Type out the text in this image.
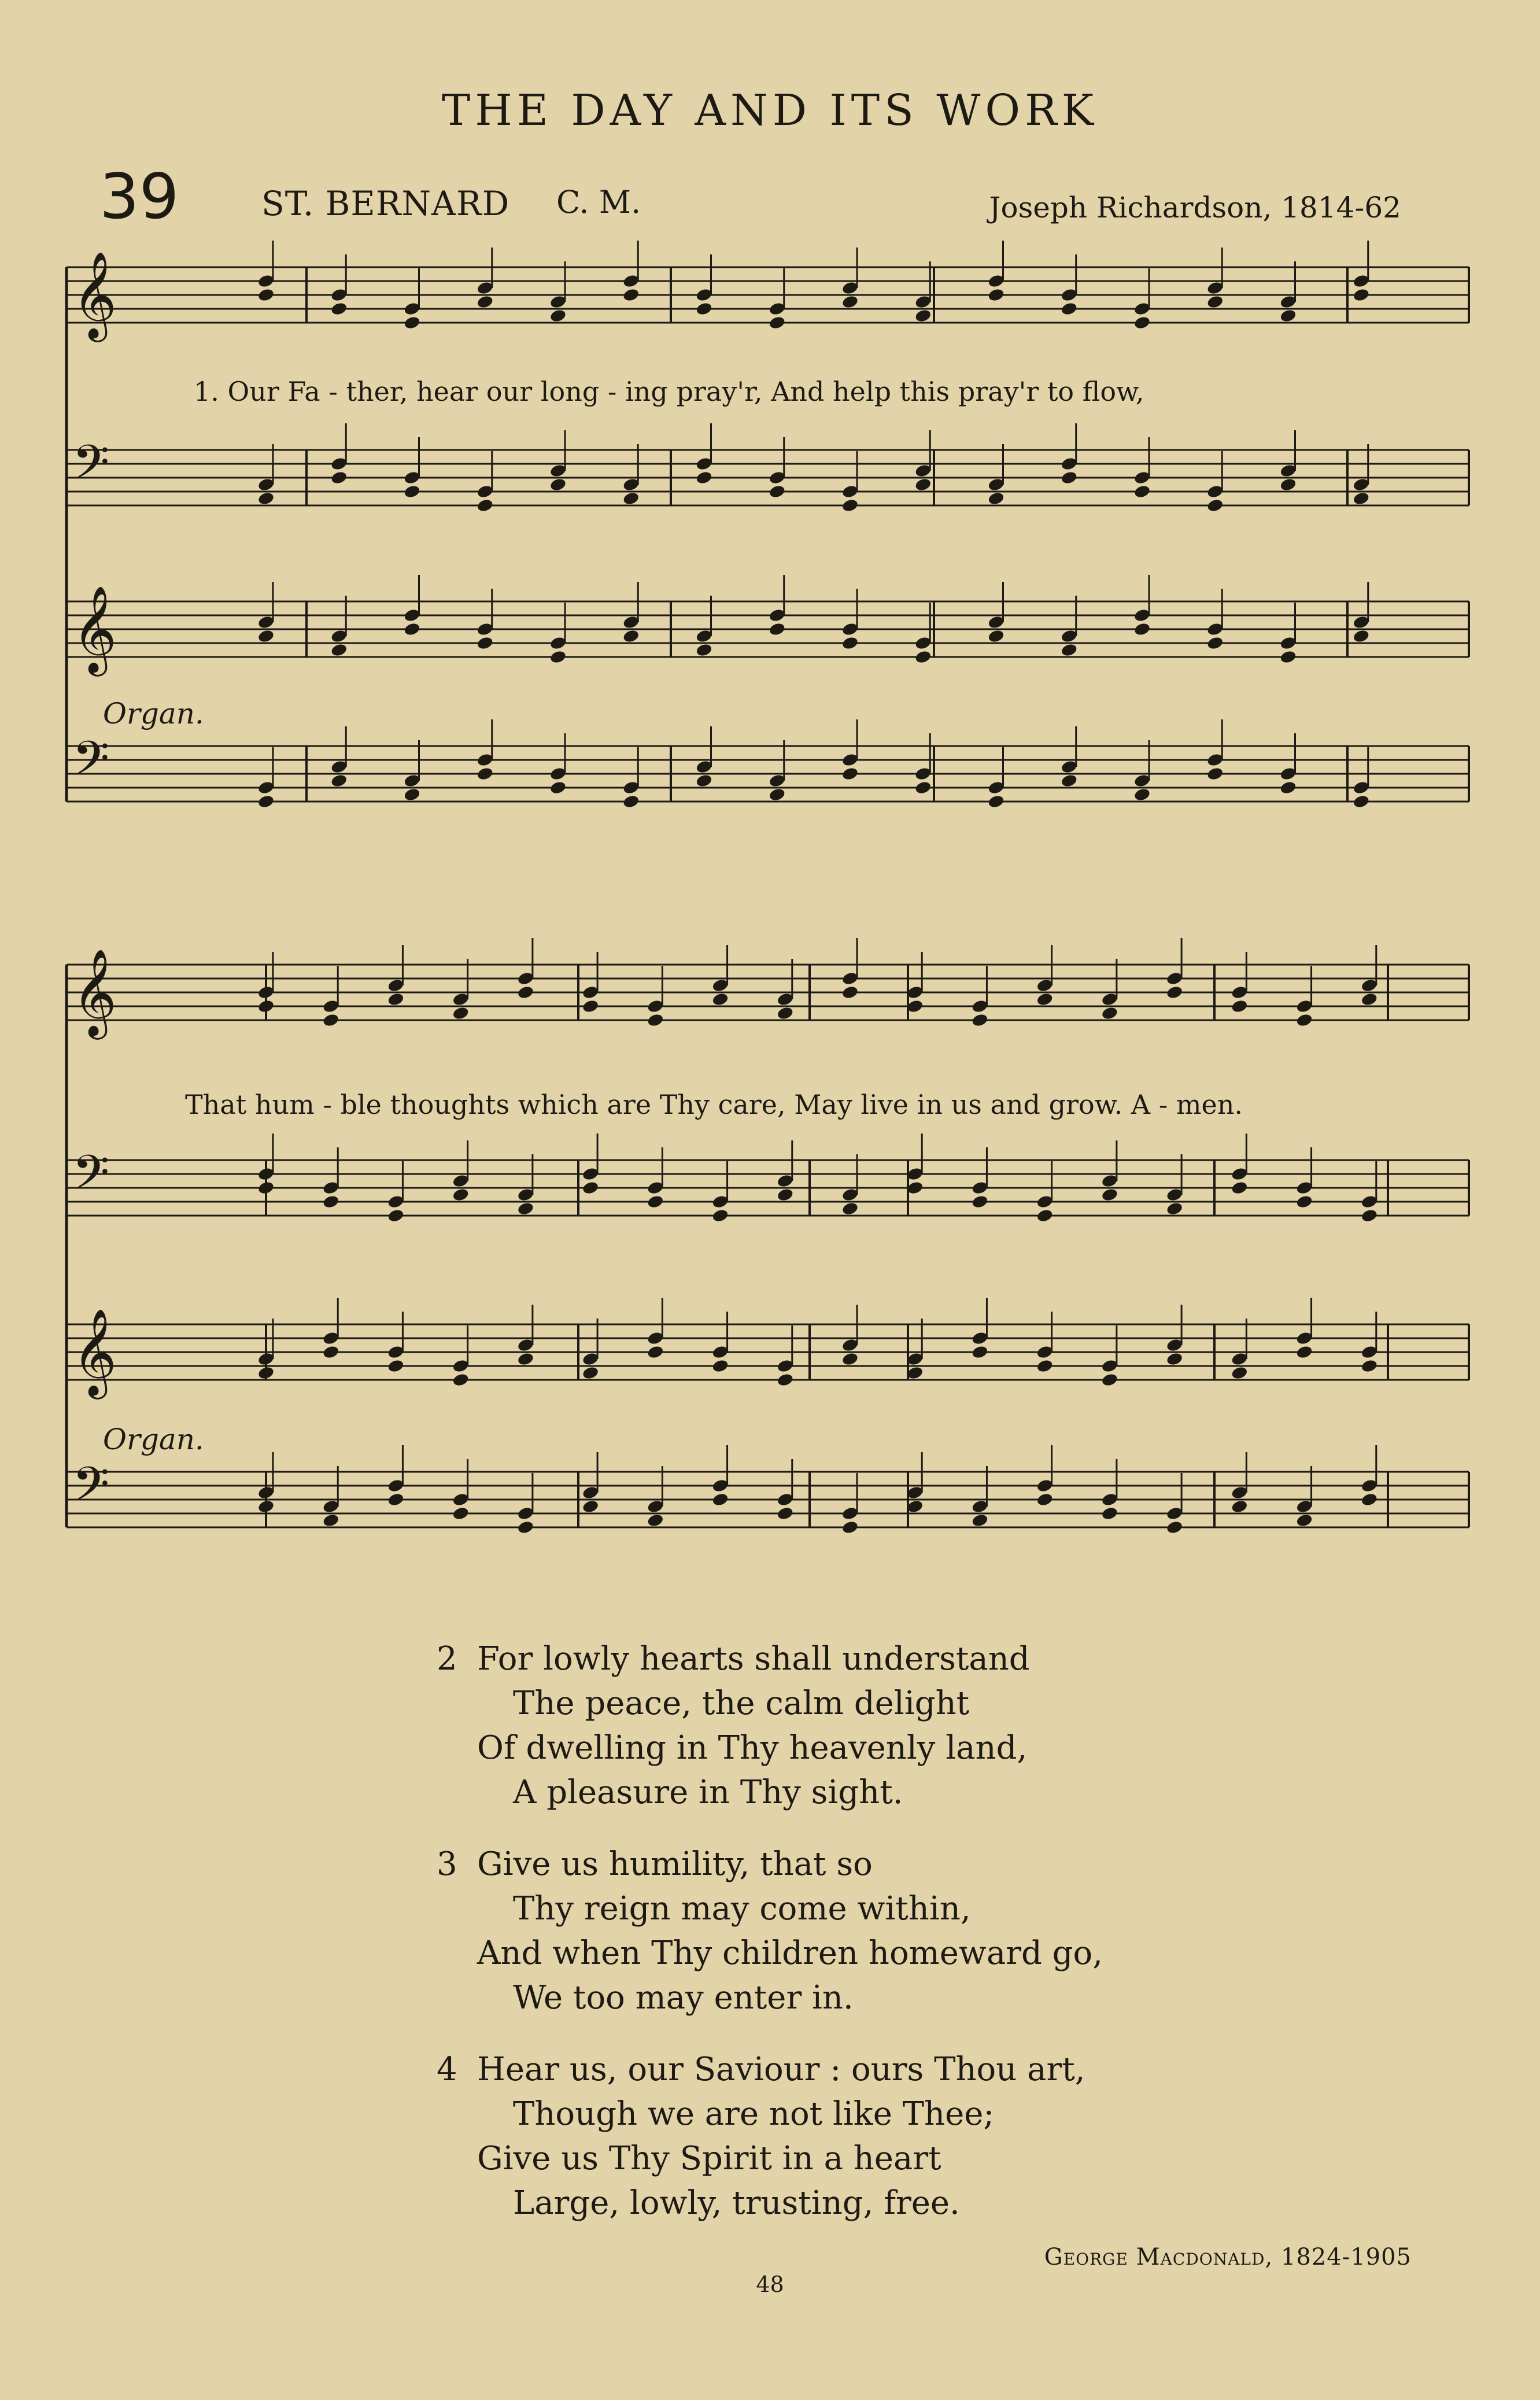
THE DAY AND ITS WORK
39 ST. BERNARD C. M.	Joseph Richardson, 1814-62
𝄞
𝄢
𝄞
𝄢
𝄞
𝄢
𝄞
𝄢
1. Our Fa - ther, hear our long - ing pray'r, And help this pray'r to flow,
That hum - ble thoughts which are Thy care, May live in us and grow. A - men.
Organ.
Organ.
2 For lowly hearts shall understand
The peace, the calm delight
Of dwelling in Thy heavenly land,
A pleasure in Thy sight.
3 Give us humility, that so
Thy reign may come within,
And when Thy children homeward go,
We too may enter in.
4 Hear us, our Saviour : ours Thou art,
Though we are not like Thee;
Give us Thy Spirit in a heart
Large, lowly, trusting, free.
George Macdonald, 1824-1905
48
